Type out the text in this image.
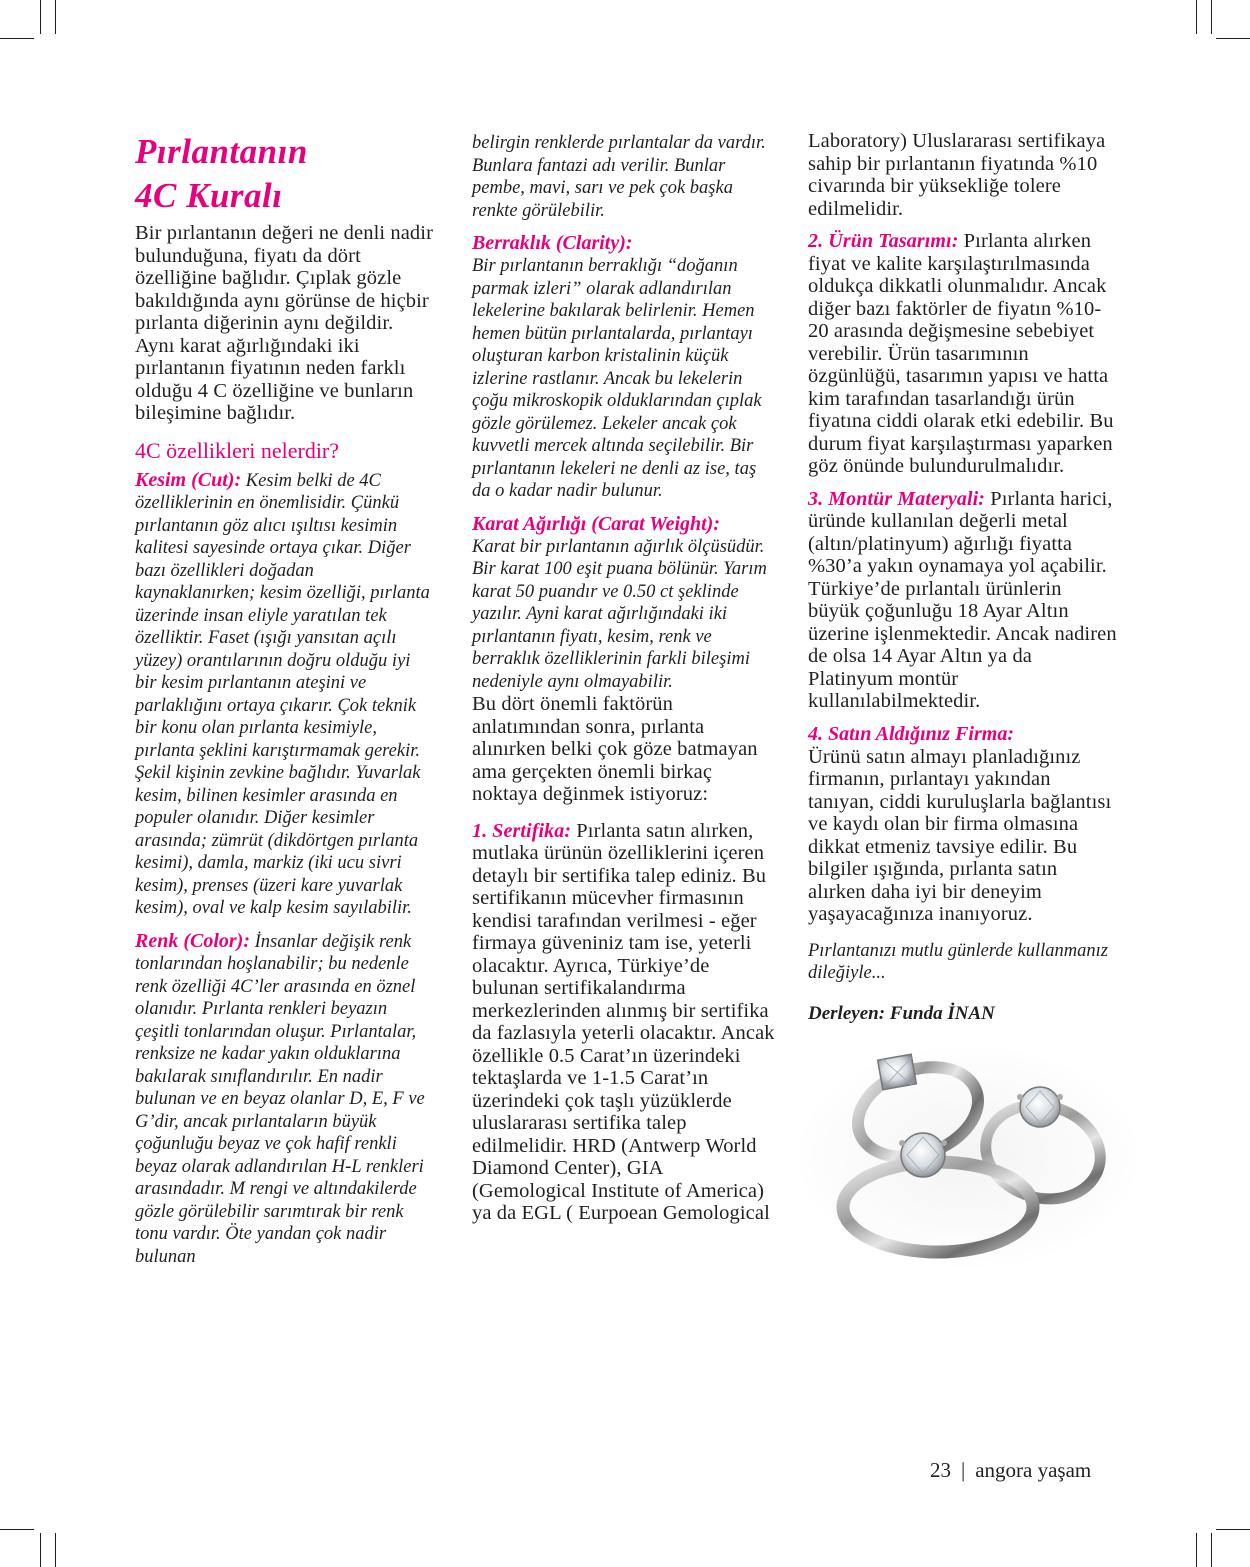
Pırlantanın
4C Kuralı

Bir pırlantanın değeri ne denli nadir bulunduğuna, fiyatı da dört özelliğine bağlıdır. Çıplak gözle bakıldığında aynı görünse de hiçbir pırlanta diğerinin aynı değildir. Aynı karat ağırlığındaki iki pırlantanın fiyatının neden farklı olduğu 4 C özelliğine ve bunların bileşimine bağlıdır.

4C özellikleri nelerdir?

Kesim (Cut): Kesim belki de 4C özelliklerinin en önemlisidir. Çünkü pırlantanın göz alıcı ışıltısı kesimin kalitesi sayesinde ortaya çıkar. Diğer bazı özellikleri doğadan kaynaklanırken; kesim özelliği, pırlanta üzerinde insan eliyle yaratılan tek özelliktir. Faset (ışığı yansıtan açılı yüzey) orantılarının doğru olduğu iyi bir kesim pırlantanın ateşini ve parlaklığını ortaya çıkarır. Çok teknik bir konu olan pırlanta kesimiyle, pırlanta şeklini karıştırmamak gerekir. Şekil kişinin zevkine bağlıdır. Yuvarlak kesim, bilinen kesimler arasında en populer olanıdır. Diğer kesimler arasında; zümrüt (dikdörtgen pırlanta kesimi), damla, markiz (iki ucu sivri kesim), prenses (üzeri kare yuvarlak kesim), oval ve kalp kesim sayılabilir.

Renk (Color): İnsanlar değişik renk tonlarından hoşlanabilir; bu nedenle renk özelliği 4C’ler arasında en öznel olanıdır. Pırlanta renkleri beyazın çeşitli tonlarından oluşur. Pırlantalar, renksize ne kadar yakın olduklarına bakılarak sınıflandırılır. En nadir bulunan ve en beyaz olanlar D, E, F ve G’dir, ancak pırlantaların büyük çoğunluğu beyaz ve çok hafif renkli beyaz olarak adlandırılan H-L renkleri arasındadır. M rengi ve altındakilerde gözle görülebilir sarımtırak bir renk tonu vardır. Öte yandan çok nadir bulunan

belirgin renklerde pırlantalar da vardır. Bunlara fantazi adı verilir. Bunlar pembe, mavi, sarı ve pek çok başka renkte görülebilir.

Berraklık (Clarity):

Bir pırlantanın berraklığı “doğanın parmak izleri” olarak adlandırılan lekelerine bakılarak belirlenir. Hemen hemen bütün pırlantalarda, pırlantayı oluşturan karbon kristalinin küçük izlerine rastlanır. Ancak bu lekelerin çoğu mikroskopik olduklarından çıplak gözle görülemez. Lekeler ancak çok kuvvetli mercek altında seçilebilir. Bir pırlantanın lekeleri ne denli az ise, taş da o kadar nadir bulunur.

Karat Ağırlığı (Carat Weight):

Karat bir pırlantanın ağırlık ölçüsüdür. Bir karat 100 eşit puana bölünür. Yarım karat 50 puandır ve 0.50 ct şeklinde yazılır. Ayni karat ağırlığındaki iki pırlantanın fiyatı, kesim, renk ve berraklık özelliklerinin farkli bileşimi nedeniyle aynı olmayabilir.

Bu dört önemli faktörün anlatımından sonra, pırlanta alınırken belki çok göze batmayan ama gerçekten önemli birkaç noktaya değinmek istiyoruz:

1. Sertifika: Pırlanta satın alırken, mutlaka ürünün özelliklerini içeren detaylı bir sertifika talep ediniz. Bu sertifikanın mücevher firmasının kendisi tarafından verilmesi - eğer firmaya güveniniz tam ise, yeterli olacaktır. Ayrıca, Türkiye’de bulunan sertifikalandırma merkezlerinden alınmış bir sertifika da fazlasıyla yeterli olacaktır. Ancak özellikle 0.5 Carat’ın üzerindeki tektaşlarda ve 1-1.5 Carat’ın üzerindeki çok taşlı yüzüklerde uluslararası sertifika talep edilmelidir. HRD (Antwerp World Diamond Center), GIA (Gemological Institute of America) ya da EGL ( Eurpoean Gemological

Laboratory) Uluslararası sertifikaya sahip bir pırlantanın fiyatında %10 civarında bir yüksekliğe tolere edilmelidir.

2. Ürün Tasarımı: Pırlanta alırken fiyat ve kalite karşılaştırılmasında oldukça dikkatli olunmalıdır. Ancak diğer bazı faktörler de fiyatın %10-20 arasında değişmesine sebebiyet verebilir. Ürün tasarımının özgünlüğü, tasarımın yapısı ve hatta kim tarafından tasarlandığı ürün fiyatına ciddi olarak etki edebilir. Bu durum fiyat karşılaştırması yaparken göz önünde bulundurulmalıdır.

3. Montür Materyali: Pırlanta harici, üründe kullanılan değerli metal (altın/platinyum) ağırlığı fiyatta %30’a yakın oynamaya yol açabilir. Türkiye’de pırlantalı ürünlerin büyük çoğunluğu 18 Ayar Altın üzerine işlenmektedir. Ancak nadiren de olsa 14 Ayar Altın ya da Platinyum montür kullanılabilmektedir.

4. Satın Aldığınız Firma:

Ürünü satın almayı planladığınız firmanın, pırlantayı yakından tanıyan, ciddi kuruluşlarla bağlantısı ve kaydı olan bir firma olmasına dikkat etmeniz tavsiye edilir. Bu bilgiler ışığında, pırlanta satın alırken daha iyi bir deneyim yaşayacağınıza inanıyoruz.

Pırlantanızı mutlu günlerde kullanmanız dileğiyle...

Derleyen: Funda İNAN
23 | angora yaşam
